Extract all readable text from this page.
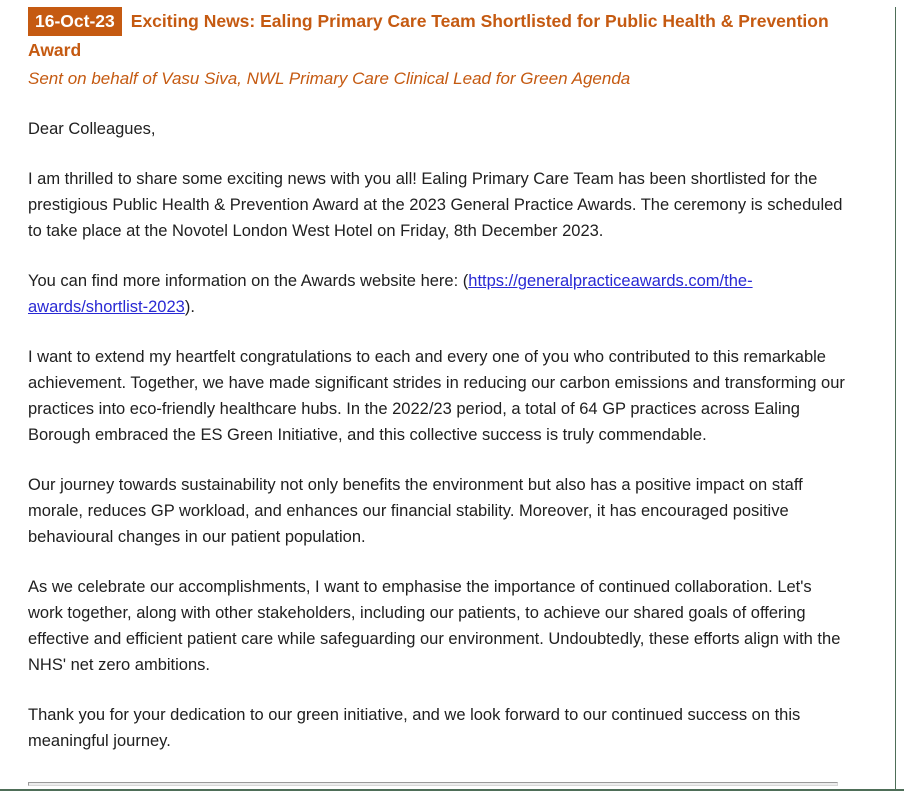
16-Oct-23 Exciting News: Ealing Primary Care Team Shortlisted for Public Health & Prevention Award
Sent on behalf of Vasu Siva, NWL Primary Care Clinical Lead for Green Agenda

Dear Colleagues,

I am thrilled to share some exciting news with you all! Ealing Primary Care Team has been shortlisted for the prestigious Public Health & Prevention Award at the 2023 General Practice Awards. The ceremony is scheduled to take place at the Novotel London West Hotel on Friday, 8th December 2023.

You can find more information on the Awards website here: (https://generalpracticeawards.com/the-awards/shortlist-2023).

I want to extend my heartfelt congratulations to each and every one of you who contributed to this remarkable achievement. Together, we have made significant strides in reducing our carbon emissions and transforming our practices into eco-friendly healthcare hubs. In the 2022/23 period, a total of 64 GP practices across Ealing Borough embraced the ES Green Initiative, and this collective success is truly commendable.

Our journey towards sustainability not only benefits the environment but also has a positive impact on staff morale, reduces GP workload, and enhances our financial stability. Moreover, it has encouraged positive behavioural changes in our patient population.

As we celebrate our accomplishments, I want to emphasise the importance of continued collaboration. Let's work together, along with other stakeholders, including our patients, to achieve our shared goals of offering effective and efficient patient care while safeguarding our environment. Undoubtedly, these efforts align with the NHS' net zero ambitions.

Thank you for your dedication to our green initiative, and we look forward to our continued success on this meaningful journey.
